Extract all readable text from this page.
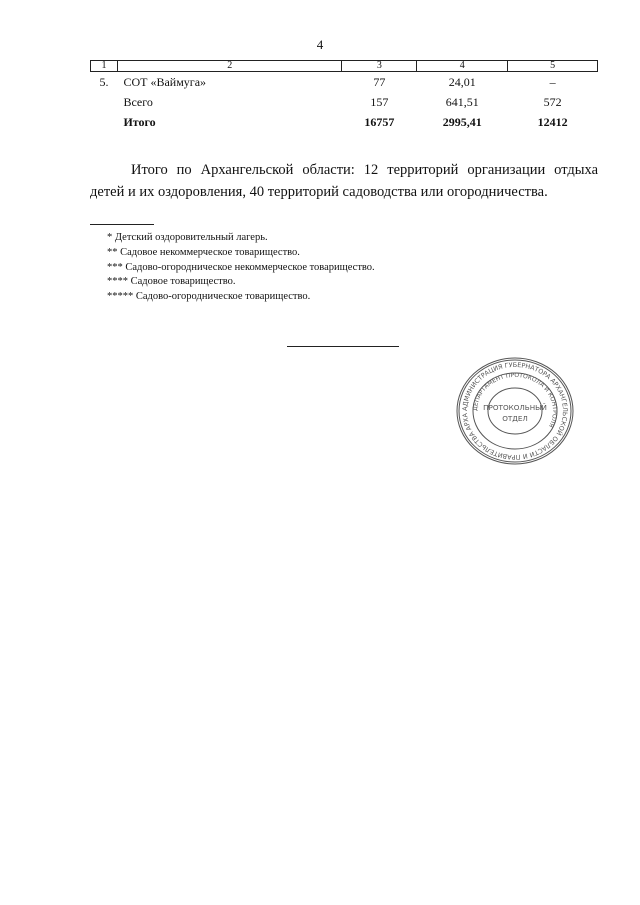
4
1	2	3	4	5
5.	СОТ «Ваймуга»	77	24,01	–
	Всего	157	641,51	572
	Итого	16757	2995,41	12412

Итого по Архангельской области: 12 территорий организации отдыха детей и их оздоровления, 40 территорий садоводства или огородничества.

* Детский оздоровительный лагерь.
** Садовое некоммерческое товарищество.
*** Садово-огородническое некоммерческое товарищество.
**** Садовое товарищество.
***** Садово-огородническое товарищество.
АДМИНИСТРАЦИЯ ГУБЕРНАТОРА АРХАНГЕЛЬСКОЙ ОБЛАСТИ И ПРАВИТЕЛЬСТВА АРХА
ДЕПАРТАМЕНТ ПРОТОКОЛА И КОНТРОЛЯ
ПРОТОКОЛЬНЫЙ
ОТДЕЛ
